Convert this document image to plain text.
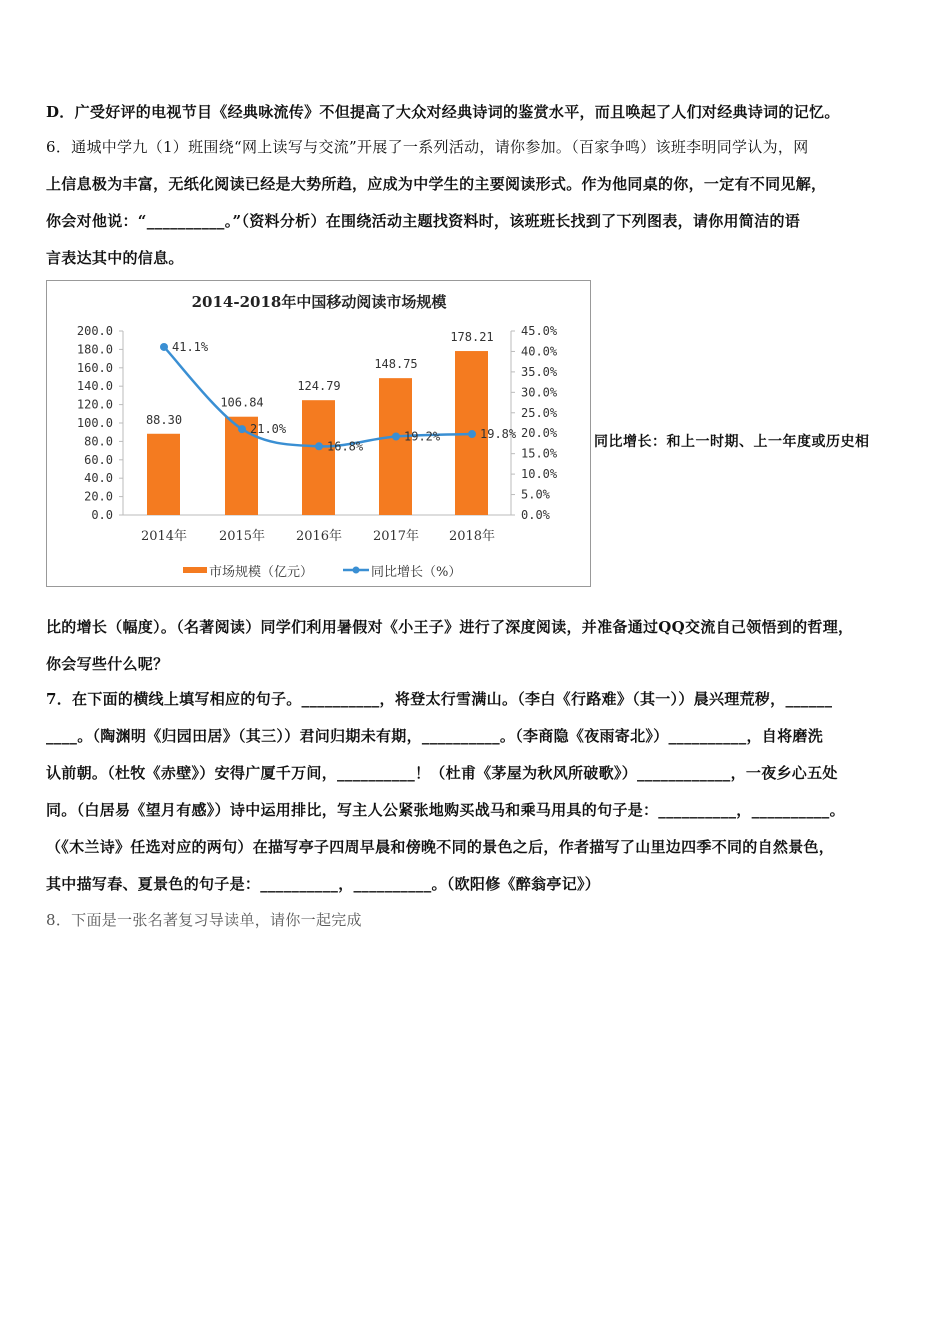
D．广受好评的电视节目《经典咏流传》不但提高了大众对经典诗词的鉴赏水平，而且唤起了人们对经典诗词的记忆。
6．通城中学九（1）班围绕“网上读写与交流”开展了一系列活动，请你参加。（百家争鸣）该班李明同学认为，网
上信息极为丰富，无纸化阅读已经是大势所趋，应成为中学生的主要阅读形式。作为他同桌的你，一定有不同见解，
你会对他说：“__________。”（资料分析）在围绕活动主题找资料时，该班班长找到了下列图表，请你用简洁的语
言表达其中的信息。
2014-2018年中国移动阅读市场规模
0.0
20.0
40.0
60.0
80.0
100.0
120.0
140.0
160.0
180.0
200.0
0.0%
5.0%
10.0%
15.0%
20.0%
25.0%
30.0%
35.0%
40.0%
45.0%
88.30
2014年
106.84
2015年
124.79
2016年
148.75
2017年
178.21
2018年
41.1%
21.0%
16.8%
19.2%	19.8%
市场规模（亿元）	同比增长（%）
同比增长：和上一时期、上一年度或历史相
比的增长（幅度）。（名著阅读）同学们利用暑假对《小王子》进行了深度阅读，并准备通过QQ交流自己领悟到的哲理，
你会写些什么呢？
7．在下面的横线上填写相应的句子。__________，将登太行雪满山。（李白《行路难》（其一））晨兴理荒秽，______
____。（陶渊明《归园田居》（其三））君问归期未有期，__________。（李商隐《夜雨寄北》）__________，自将磨洗
认前朝。（杜牧《赤壁》）安得广厦千万间，__________！（杜甫《茅屋为秋风所破歌》）____________，一夜乡心五处
同。（白居易《望月有感》）诗中运用排比，写主人公紧张地购买战马和乘马用具的句子是：__________，__________。
（《木兰诗》任选对应的两句）在描写亭子四周早晨和傍晚不同的景色之后，作者描写了山里边四季不同的自然景色，
其中描写春、夏景色的句子是：__________，__________。（欧阳修《醉翁亭记》）
8．下面是一张名著复习导读单，请你一起完成
